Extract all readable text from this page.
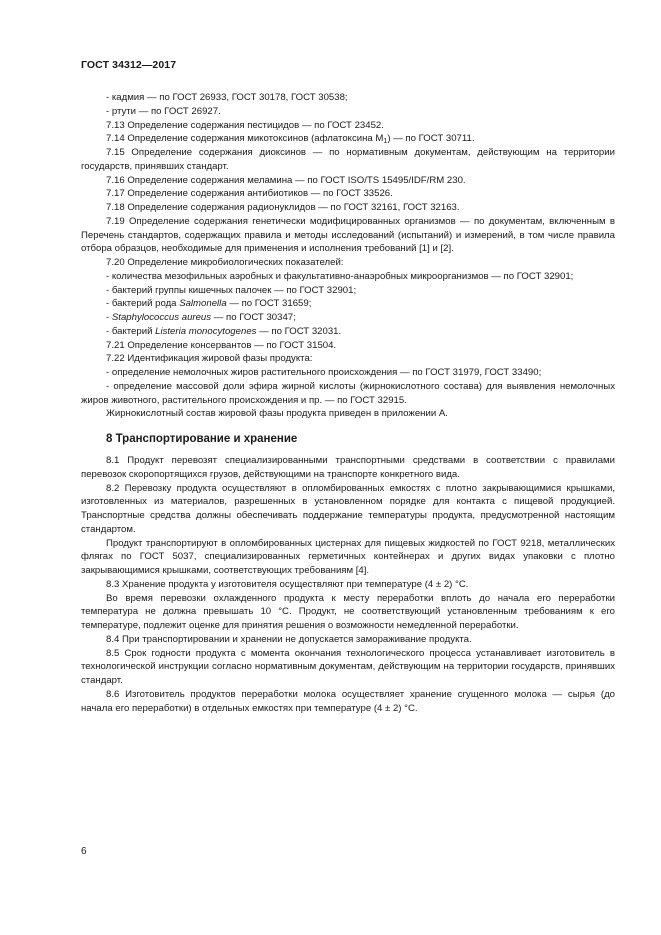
ГОСТ 34312—2017

- кадмия — по ГОСТ 26933, ГОСТ 30178, ГОСТ 30538;

- ртути — по ГОСТ 26927.

7.13 Определение содержания пестицидов — по ГОСТ 23452.

7.14 Определение содержания микотоксинов (афлатоксина $М_1$) — по ГОСТ 30711.

7.15 Определение содержания диоксинов — по нормативным документам, действующим на территории государств, принявших стандарт.

7.16 Определение содержания меламина — по ГОСТ ISO/TS 15495/IDF/RM 230.

7.17 Определение содержания антибиотиков — по ГОСТ 33526.

7.18 Определение содержания радионуклидов — по ГОСТ 32161, ГОСТ 32163.

7.19 Определение содержания генетически модифицированных организмов — по документам, включенным в Перечень стандартов, содержащих правила и методы исследований (испытаний) и измерений, в том числе правила отбора образцов, необходимые для применения и исполнения требований [1] и [2].

7.20 Определение микробиологических показателей:

- количества мезофильных аэробных и факультативно-анаэробных микроорганизмов — по ГОСТ 32901;

- бактерий группы кишечных палочек — по ГОСТ 32901;

- бактерий рода Salmonella — по ГОСТ 31659;

- Staphylococcus aureus — по ГОСТ 30347;

- бактерий Listeria monocytogenes — по ГОСТ 32031.

7.21 Определение консервантов — по ГОСТ 31504.

7.22 Идентификация жировой фазы продукта:

- определение немолочных жиров растительного происхождения — по ГОСТ 31979, ГОСТ 33490;

- определение массовой доли эфира жирной кислоты (жирнокислотного состава) для выявления немолочных жиров животного, растительного происхождения и пр. — по ГОСТ 32915.

Жирнокислотный состав жировой фазы продукта приведен в приложении А.

8 Транспортирование и хранение

8.1 Продукт перевозят специализированными транспортными средствами в соответствии с правилами перевозок скоропортящихся грузов, действующими на транспорте конкретного вида.

8.2 Перевозку продукта осуществляют в опломбированных емкостях с плотно закрывающимися крышками, изготовленных из материалов, разрешенных в установленном порядке для контакта с пищевой продукцией. Транспортные средства должны обеспечивать поддержание температуры продукта, предусмотренной настоящим стандартом.

Продукт транспортируют в опломбированных цистернах для пищевых жидкостей по ГОСТ 9218, металлических флягах по ГОСТ 5037, специализированных герметичных контейнерах и других видах упаковки с плотно закрывающимися крышками, соответствующих требованиям [4].

8.3 Хранение продукта у изготовителя осуществляют при температуре (4 ± 2) °С.

Во время перевозки охлажденного продукта к месту переработки вплоть до начала его переработки температура не должна превышать 10 °С. Продукт, не соответствующий установленным требованиям к его температуре, подлежит оценке для принятия решения о возможности немедленной переработки.

8.4 При транспортировании и хранении не допускается замораживание продукта.

8.5 Срок годности продукта с момента окончания технологического процесса устанавливает изготовитель в технологической инструкции согласно нормативным документам, действующим на территории государств, принявших стандарт.

8.6 Изготовитель продуктов переработки молока осуществляет хранение сгущенного молока — сырья (до начала его переработки) в отдельных емкостях при температуре (4 ± 2) °С.

6
